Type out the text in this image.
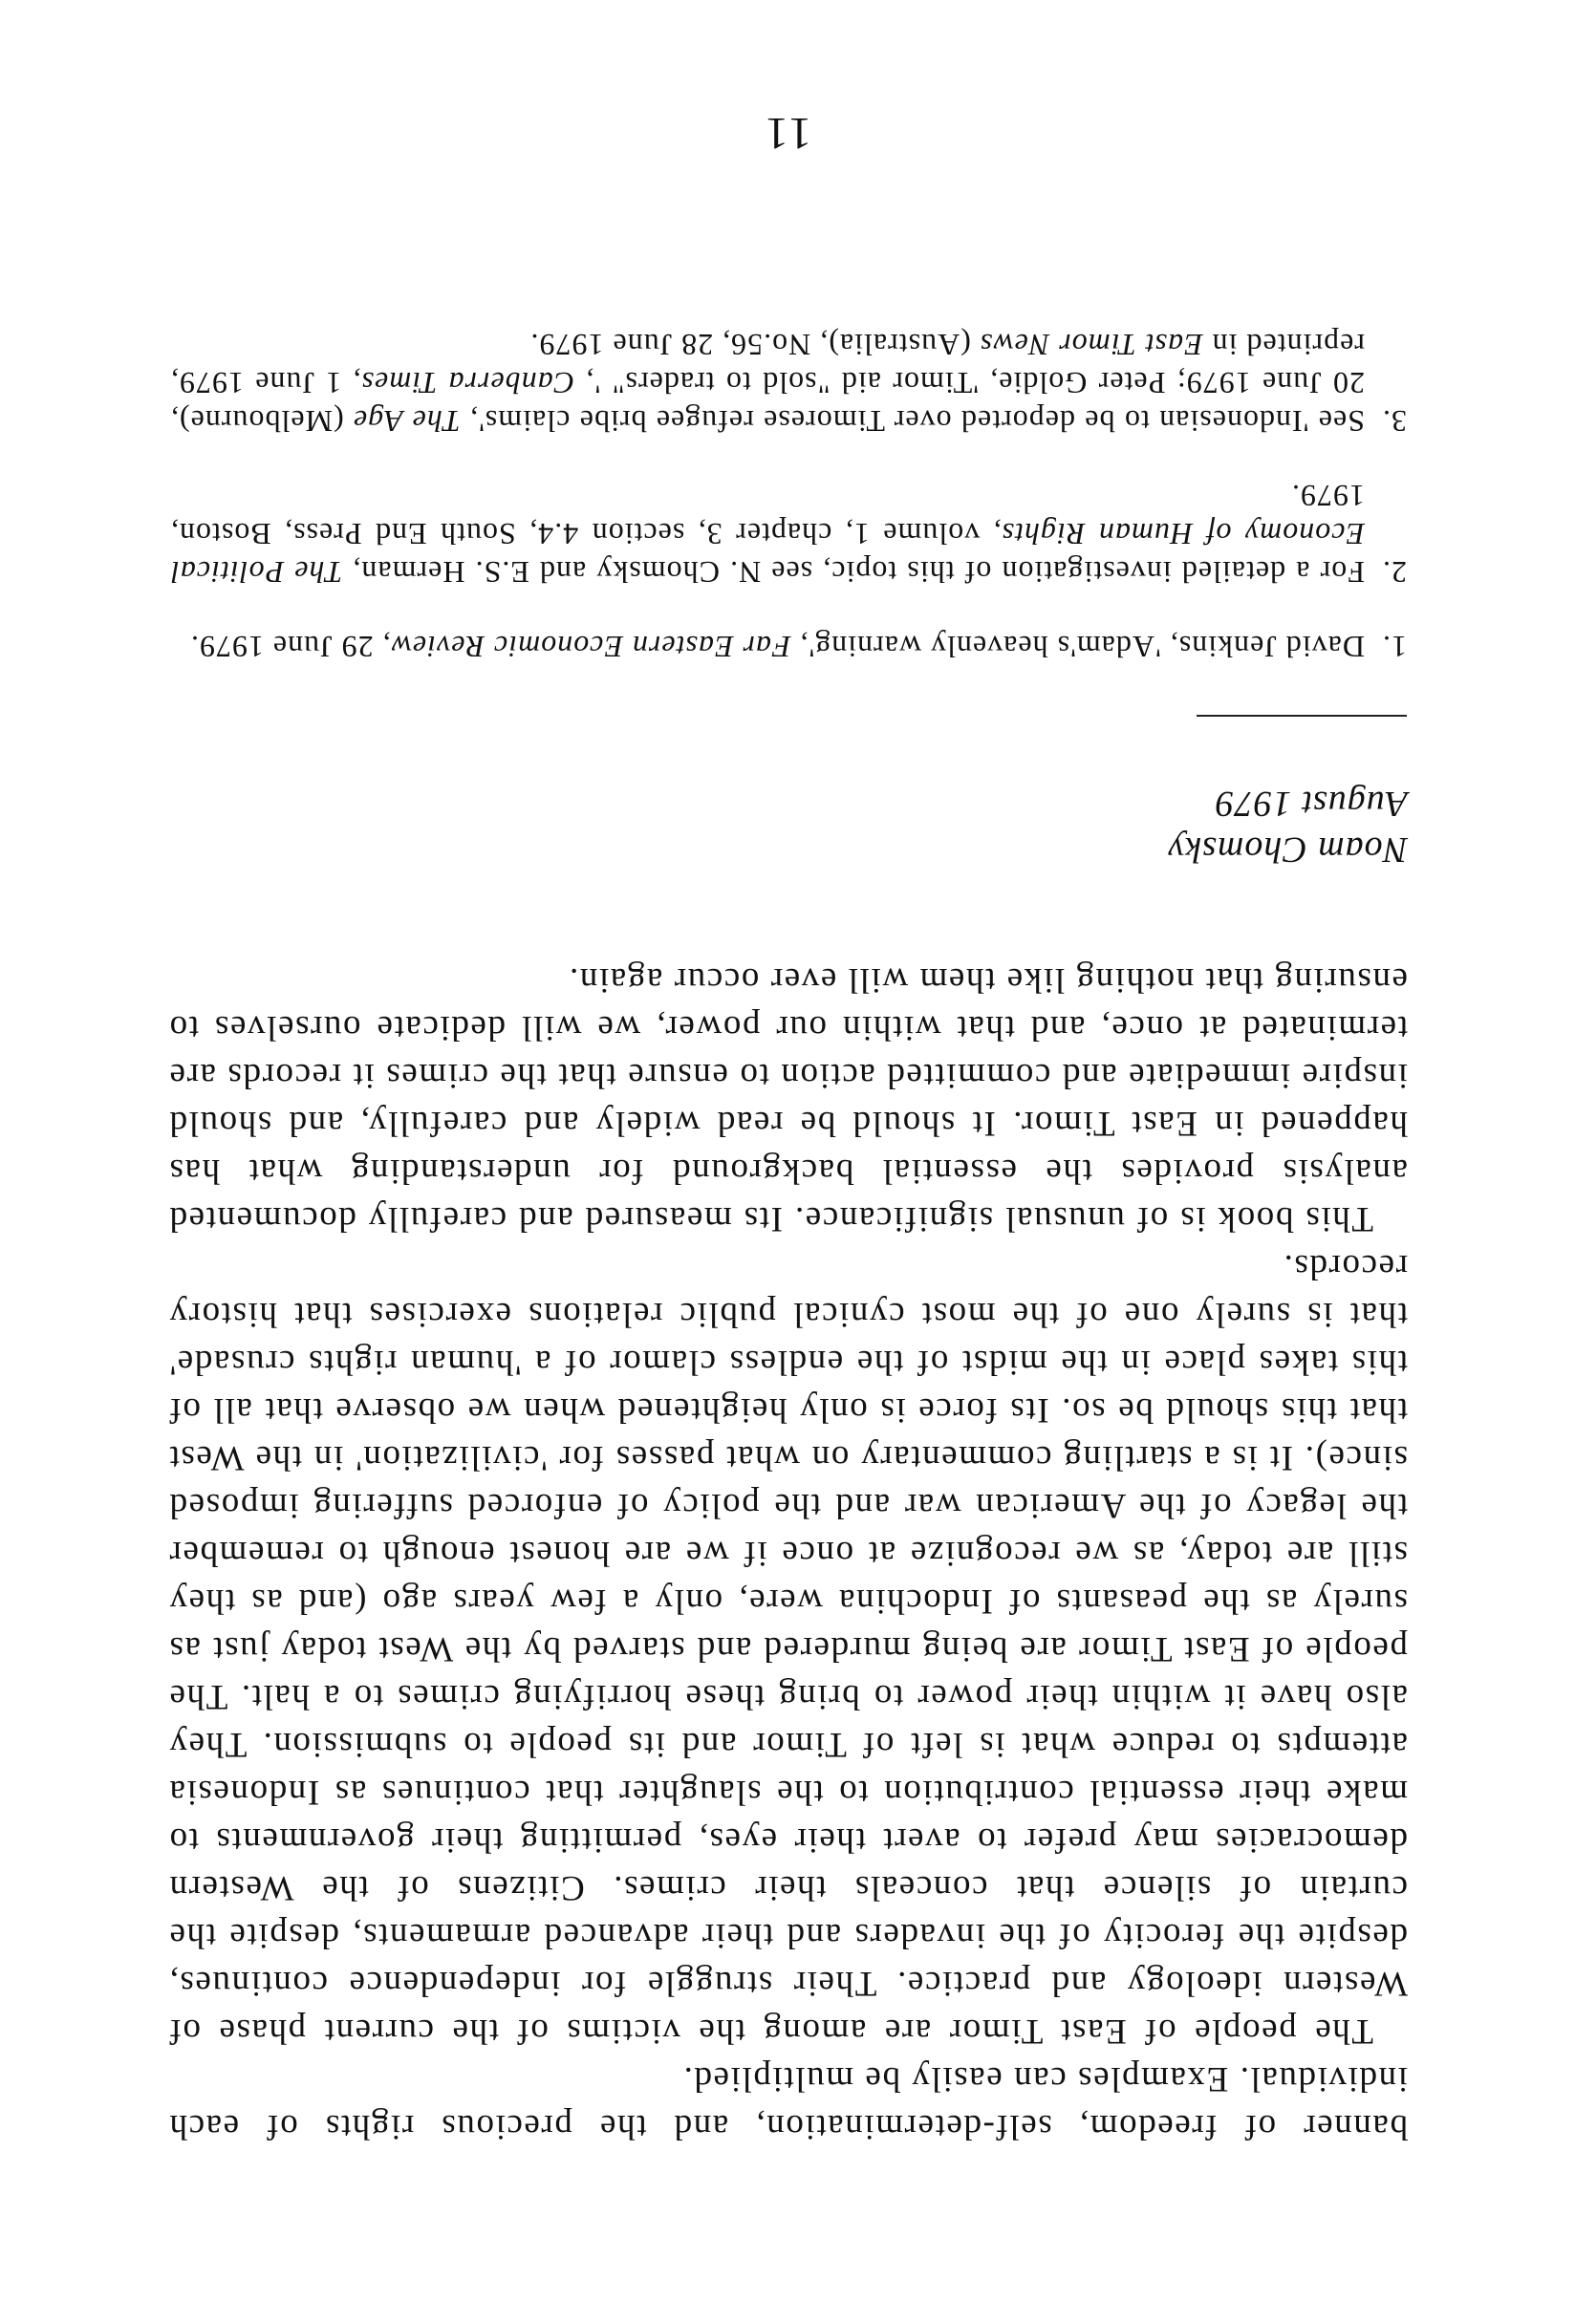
banner of freedom, self-determination, and the precious rights of each individual. Examples can easily be multiplied.

The people of East Timor are among the victims of the current phase of Western ideology and practice. Their struggle for independence continues, despite the ferocity of the invaders and their advanced armaments, despite the curtain of silence that conceals their crimes. Citizens of the Western democracies may prefer to avert their eyes, permitting their governments to make their essential contribution to the slaughter that continues as Indonesia attempts to reduce what is left of Timor and its people to submission. They also have it within their power to bring these horrifying crimes to a halt. The people of East Timor are being murdered and starved by the West today just as surely as the peasants of Indochina were, only a few years ago (and as they still are today, as we recognize at once if we are honest enough to remember the legacy of the American war and the policy of enforced suffering imposed since). It is a startling commentary on what passes for 'civilization' in the West that this should be so. Its force is only heightened when we observe that all of this takes place in the midst of the endless clamor of a 'human rights crusade' that is surely one of the most cynical public relations exercises that history records.

This book is of unusual significance. Its measured and carefully documented analysis provides the essential background for understanding what has happened in East Timor. It should be read widely and carefully, and should inspire immediate and committed action to ensure that the crimes it records are terminated at once, and that within our power, we will dedicate ourselves to ensuring that nothing like them will ever occur again.

Noam Chomsky

August 1979

1.
David Jenkins, 'Adam's heavenly warning', Far Eastern Economic Review, 29 June 1979.

2.
For a detailed investigation of this topic, see N. Chomsky and E.S. Herman, The Political Economy of Human Rights, volume 1, chapter 3, section 4.4, South End Press, Boston, 1979.

3.
See 'Indonesian to be deported over Timorese refugee bribe claims', The Age (Melbourne), 20 June 1979; Peter Goldie, 'Timor aid "sold to traders" ', Canberra Times, 1 June 1979, reprinted in East Timor News (Australia), No.56, 28 June 1979.

11
